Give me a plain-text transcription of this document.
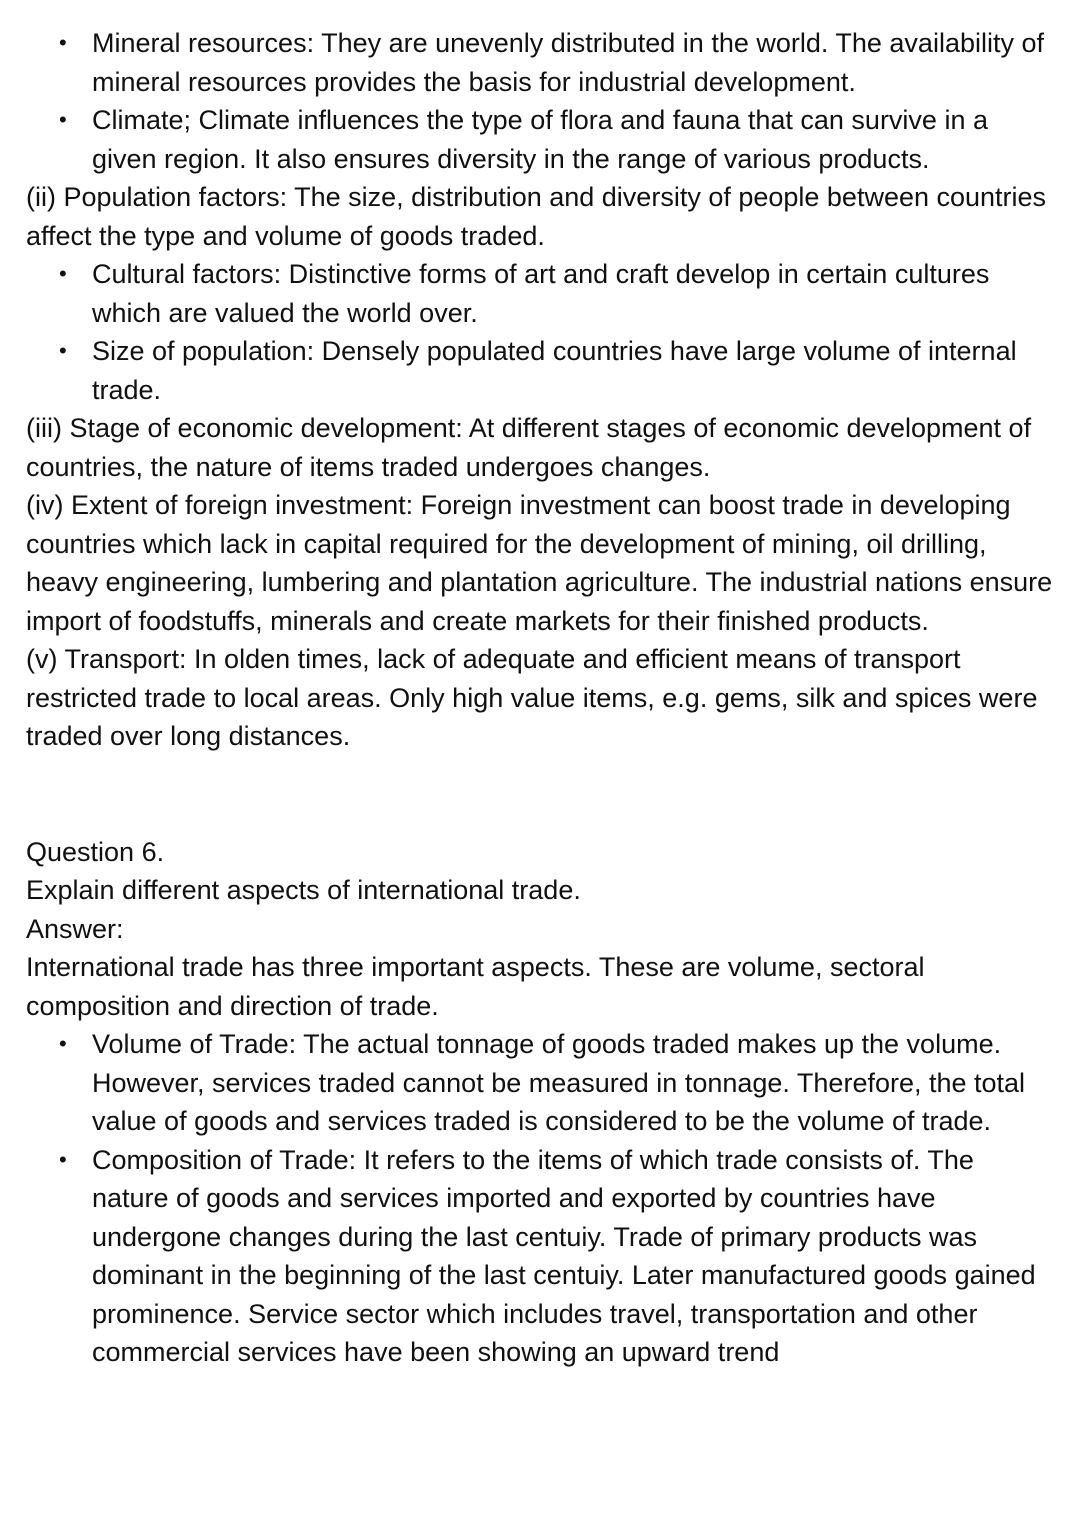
• Mineral resources: They are unevenly distributed in the world. The availability of mineral resources provides the basis for industrial development.
• Climate; Climate influences the type of flora and fauna that can survive in a given region. It also ensures diversity in the range of various products.

(ii) Population factors: The size, distribution and diversity of people between countries affect the type and volume of goods traded.

• Cultural factors: Distinctive forms of art and craft develop in certain cultures which are valued the world over.
• Size of population: Densely populated countries have large volume of internal trade.

(iii) Stage of economic development: At different stages of economic development of countries, the nature of items traded undergoes changes.

(iv) Extent of foreign investment: Foreign investment can boost trade in developing countries which lack in capital required for the development of mining, oil drilling, heavy engineering, lumbering and plantation agriculture. The industrial nations ensure import of foodstuffs, minerals and create markets for their finished products.

(v) Transport: In olden times, lack of adequate and efficient means of transport restricted trade to local areas. Only high value items, e.g. gems, silk and spices were traded over long distances.

Question 6.

Explain different aspects of international trade.

Answer:

International trade has three important aspects. These are volume, sectoral composition and direction of trade.

• Volume of Trade: The actual tonnage of goods traded makes up the volume. However, services traded cannot be measured in tonnage. Therefore, the total value of goods and services traded is considered to be the volume of trade.
• Composition of Trade: It refers to the items of which trade consists of. The nature of goods and services imported and exported by countries have undergone changes during the last centuiy. Trade of primary products was dominant in the beginning of the last centuiy. Later manufactured goods gained prominence. Service sector which includes travel, transportation and other commercial services have been showing an upward trend
